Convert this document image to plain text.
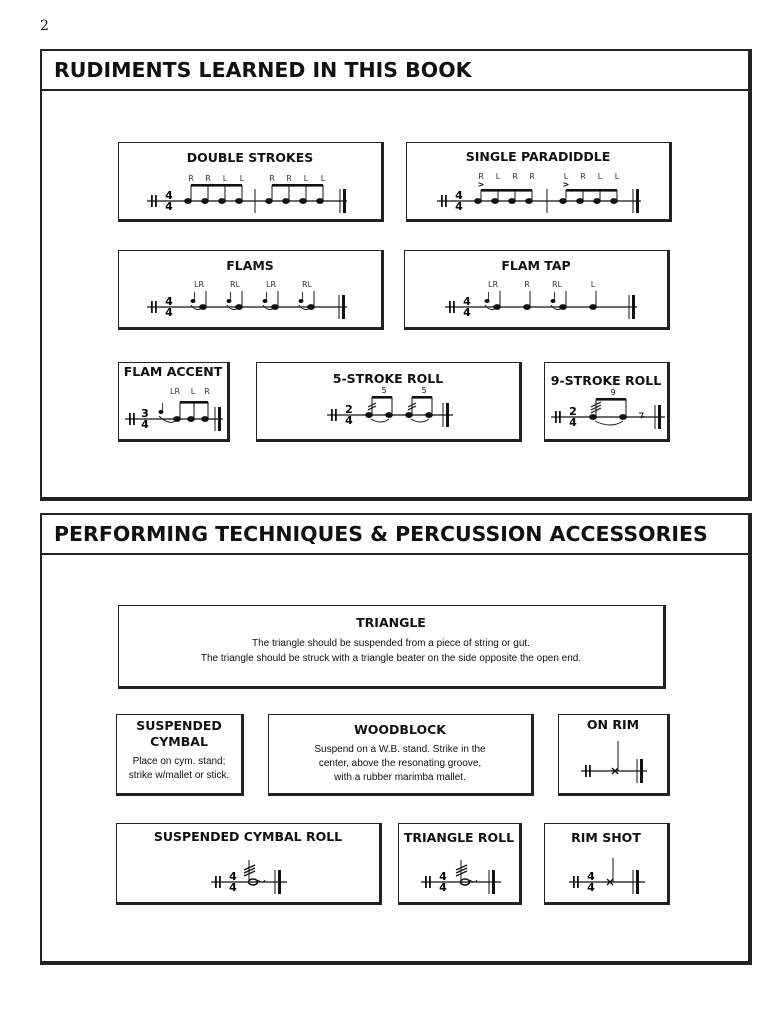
2
RUDIMENTS LEARNED IN THIS BOOK
DOUBLE STROKES
R R L L	R R L L
4
4
SINGLE PARADIDDLE
R L R R	L R L L
>	>
4
4
FLAMS
LR	RL	LR	RL
4
4
FLAM TAP
LR	R	RL	L
4
4
FLAM ACCENT
LR L R
3
4
5-STROKE ROLL
5	5
2
4
9-STROKE ROLL
9
2
4
PERFORMING TECHNIQUES & PERCUSSION ACCESSORIES
TRIANGLE
The triangle should be suspended from a piece of string or gut.
The triangle should be struck with a triangle beater on the side opposite the open end.
SUSPENDED
CYMBAL
Place on cym. stand;
strike w/mallet or stick.
WOODBLOCK
Suspend on a W.B. stand. Strike in the
center, above the resonating groove,
with a rubber marimba mallet.
ON RIM
SUSPENDED CYMBAL ROLL
4
4
TRIANGLE ROLL
4
4
RIM SHOT
4
4
